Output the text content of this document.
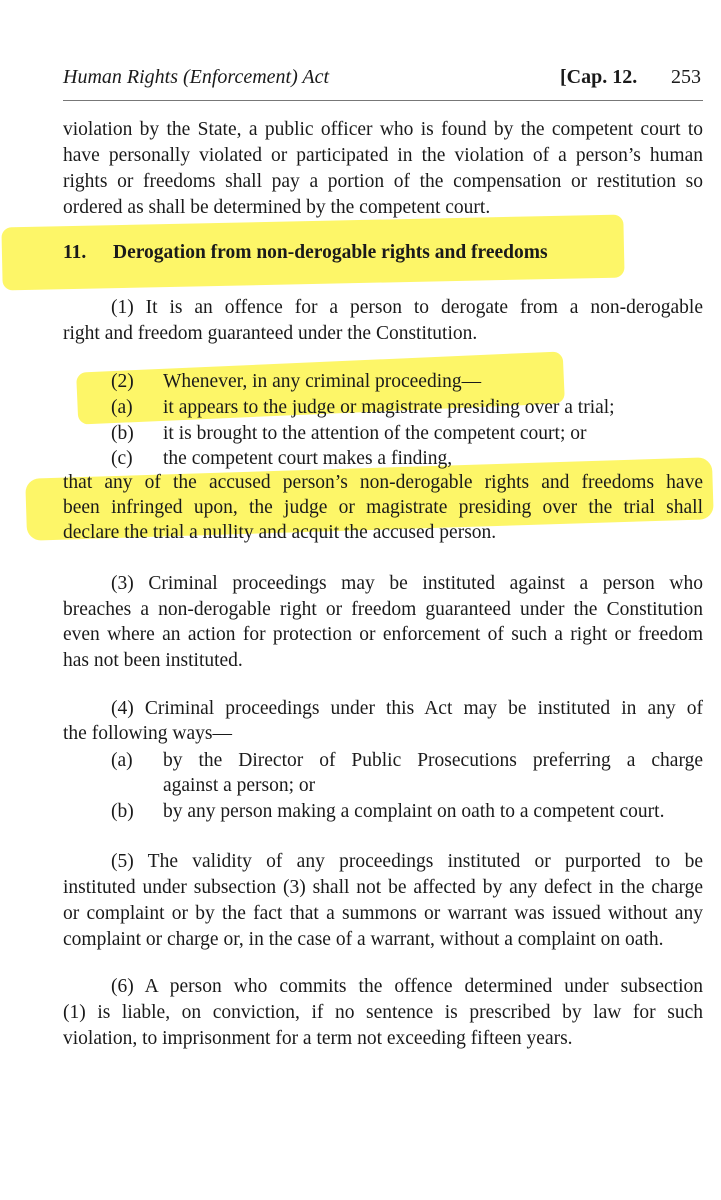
Human Rights (Enforcement) Act	[Cap. 12. 253
violation by the State, a public officer who is found by the competent court to
have personally violated or participated in the violation of a person’s human
rights or freedoms shall pay a portion of the compensation or restitution so
ordered as shall be determined by the competent court.
11. Derogation from non-derogable rights and freedoms
(1) It is an offence for a person to derogate from a non-derogable
right and freedom guaranteed under the Constitution.
(2) Whenever, in any criminal proceeding—
(a) it appears to the judge or magistrate presiding over a trial;
(b) it is brought to the attention of the competent court; or
(c) the competent court makes a finding,
that any of the accused person’s non-derogable rights and freedoms have
been infringed upon, the judge or magistrate presiding over the trial shall
declare the trial a nullity and acquit the accused person.
(3) Criminal proceedings may be instituted against a person who
breaches a non-derogable right or freedom guaranteed under the Constitution
even where an action for protection or enforcement of such a right or freedom
has not been instituted.
(4) Criminal proceedings under this Act may be instituted in any of
the following ways—
(a) by the Director of Public Prosecutions preferring a charge
against a person; or
(b) by any person making a complaint on oath to a competent court.
(5) The validity of any proceedings instituted or purported to be
instituted under subsection (3) shall not be affected by any defect in the charge
or complaint or by the fact that a summons or warrant was issued without any
complaint or charge or, in the case of a warrant, without a complaint on oath.
(6) A person who commits the offence determined under subsection
(1) is liable, on conviction, if no sentence is prescribed by law for such
violation, to imprisonment for a term not exceeding fifteen years.
